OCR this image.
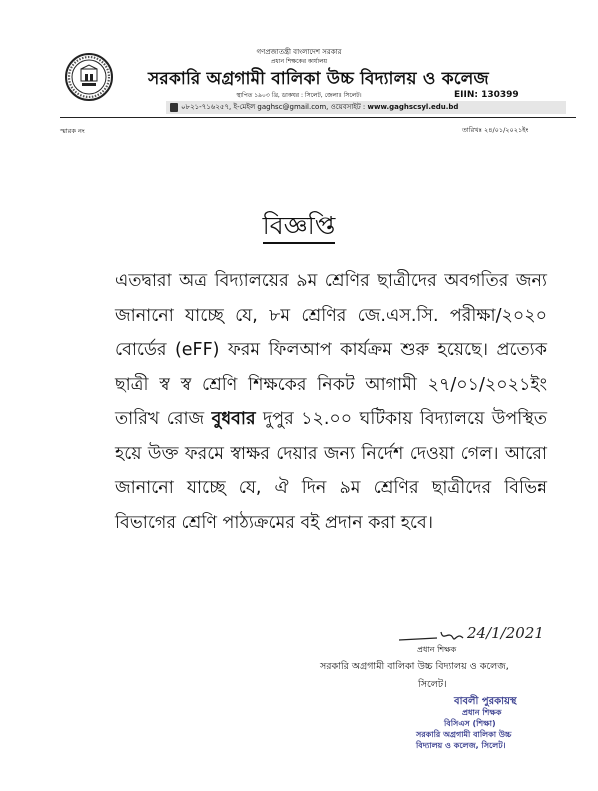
গণপ্রজাতন্ত্রী বাংলাদেশ সরকার
প্রধান শিক্ষকের কার্যালয়
সরকারি অগ্রগামী বালিকা উচ্চ বিদ্যালয় ও কলেজ
স্থাপিত ১৯০৩ খ্রি, ডাকঘর : সিলেট, জেলাঃ সিলেট।	EIIN: 130399
০৮২১-৭১৬২৫৭, ই-মেইল gaghsc@gmail.com, ওয়েবসাইট : www.gaghscsyl.edu.bd
স্মারক নং	তারিখঃ ২৪/০১/২০২১ইং
বিজ্ঞপ্তি
এতদ্বারা অত্র বিদ্যালয়ের ৯ম শ্রেণির ছাত্রীদের অবগতির জন্য জানানো যাচ্ছে যে, ৮ম শ্রেণির জে.এস.সি. পরীক্ষা/২০২০ বোর্ডের (eFF) ফরম ফিলআপ কার্যক্রম শুরু হয়েছে। প্রত্যেক ছাত্রী স্ব স্ব শ্রেণি শিক্ষকের নিকট আগামী ২৭/০১/২০২১ইং তারিখ রোজ বুধবার দুপুর ১২.০০ ঘটিকায় বিদ্যালয়ে উপস্থিত হয়ে উক্ত ফরমে স্বাক্ষর দেয়ার জন্য নির্দেশ দেওয়া গেল। আরো জানানো যাচ্ছে যে, ঐ দিন ৯ম শ্রেণির ছাত্রীদের বিভিন্ন বিভাগের শ্রেণি পাঠ্যক্রমের বই প্রদান করা হবে।
24/1/2021
প্রধান শিক্ষক
সরকারি অগ্রগামী বালিকা উচ্চ বিদ্যালয় ও কলেজ,
সিলেট।
বাবলী পুরকায়স্থ
প্রধান শিক্ষক
বিসিএস (শিক্ষা)
সরকারি অগ্রগামী বালিকা উচ্চ
বিদ্যালয় ও কলেজ, সিলেট।
